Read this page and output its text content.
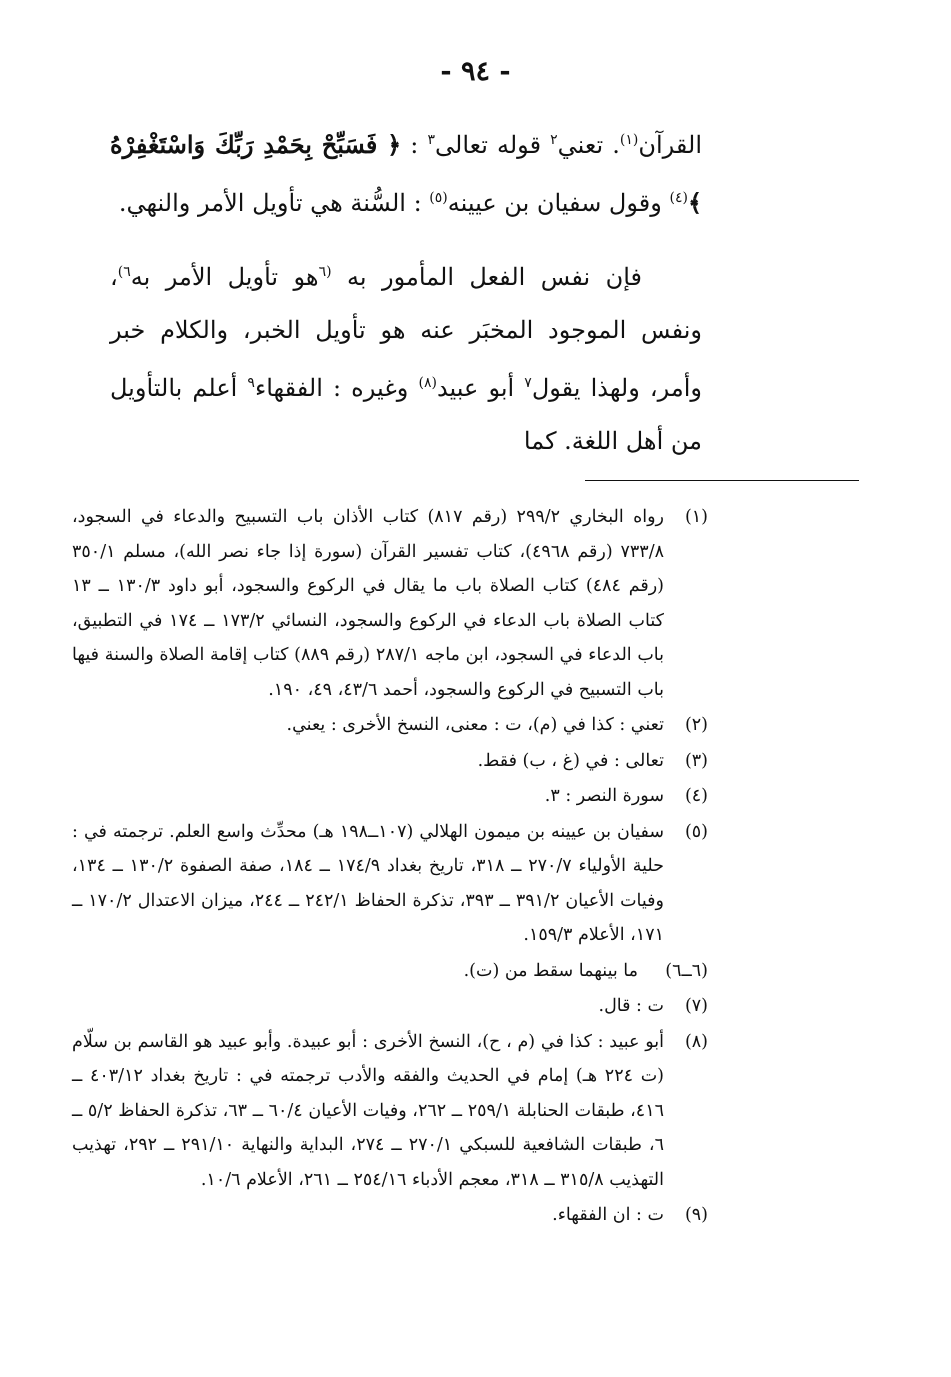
- ٩٤ -

القرآن$^{(١)}$. تعني$^٢$ قوله تعالى$^٣$ : ﴿ فَسَبِّحْ بِحَمْدِ رَبِّكَ وَاسْتَغْفِرْهُ ﴾$^{(٤)}$ وقول سفيان بن عيينه$^{(٥)}$ : السُّنة هي تأويل الأمر والنهي.

فإن نفس الفعل المأمور به $^{(٦}$هو تأويل الأمر به$^{٦)}$، ونفس الموجود المخبَر عنه هو تأويل الخبر، والكلام خبر وأمر، ولهذا يقول$^٧$ أبو عبيد$^{(٨)}$ وغيره : الفقهاء$^٩$ أعلم بالتأويل من أهل اللغة. كما

(١)
رواه البخاري ٢٩٩/٢ (رقم ٨١٧) كتاب الأذان باب التسبيح والدعاء في السجود، ٧٣٣/٨ (رقم ٤٩٦٨)، كتاب تفسير القرآن (سورة إذا جاء نصر الله)، مسلم ٣٥٠/١ (رقم ٤٨٤) كتاب الصلاة باب ما يقال في الركوع والسجود، أبو داود ١٣٠/٣ ــ ١٣ كتاب الصلاة باب الدعاء في الركوع والسجود، النسائي ١٧٣/٢ ــ ١٧٤ في التطبيق، باب الدعاء في السجود، ابن ماجه ٢٨٧/١ (رقم ٨٨٩) كتاب إقامة الصلاة والسنة فيها باب التسبيح في الركوع والسجود، أحمد ٤٣/٦، ٤٩، ١٩٠.
(٢)
تعني : كذا في (م)، ت : معنى، النسخ الأخرى : يعني.
(٣)
تعالى : في (غ ، ب) فقط.
(٤)
سورة النصر : ٣.
(٥)
سفيان بن عيينه بن ميمون الهلالي (١٠٧ــ١٩٨ هـ) محدِّث واسع العلم. ترجمته في : حلية الأولياء ٢٧٠/٧ ــ ٣١٨، تاريخ بغداد ١٧٤/٩ ــ ١٨٤، صفة الصفوة ١٣٠/٢ ــ ١٣٤، وفيات الأعيان ٣٩١/٢ ــ ٣٩٣، تذكرة الحفاظ ٢٤٢/١ ــ ٢٤٤، ميزان الاعتدال ١٧٠/٢ ــ ١٧١، الأعلام ١٥٩/٣.
(٦ــ٦)
ما بينهما سقط من (ت).
(٧)
ت : قال.
(٨)
أبو عبيد : كذا في (م ، ح)، النسخ الأخرى : أبو عبيدة. وأبو عبيد هو القاسم بن سلّام (ت ٢٢٤ هـ) إمام في الحديث والفقه والأدب ترجمته في : تاريخ بغداد ٤٠٣/١٢ ــ ٤١٦، طبقات الحنابلة ٢٥٩/١ ــ ٢٦٢، وفيات الأعيان ٦٠/٤ ــ ٦٣، تذكرة الحفاظ ٥/٢ ــ ٦، طبقات الشافعية للسبكي ٢٧٠/١ ــ ٢٧٤، البداية والنهاية ٢٩١/١٠ ــ ٢٩٢، تهذيب التهذيب ٣١٥/٨ ــ ٣١٨، معجم الأدباء ٢٥٤/١٦ ــ ٢٦١، الأعلام ١٠/٦.
(٩)
ت : ان الفقهاء.
